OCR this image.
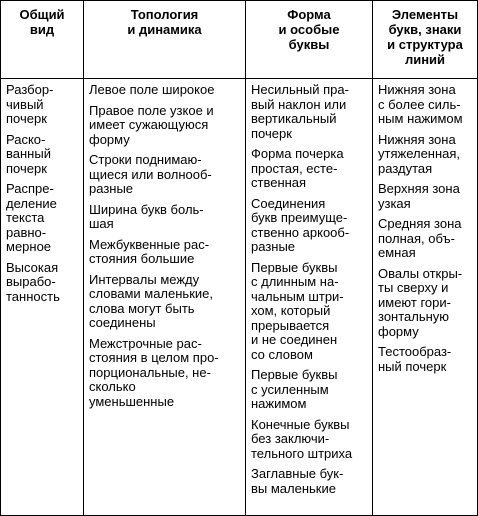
Общий
вид
Разбор-
чивый
почерк
Раско-
ванный
почерк
Распре-
деление
текста
равно-
мерное
Высокая
вырабо-
танность
Топология
и динамика
Левое поле широкое
Правое поле узкое и
имеет сужающуюся
форму
Строки поднимаю-
щиеся или волнооб-
разные
Ширина букв боль-
шая
Межбуквенные рас-
стояния большие
Интервалы между
словами маленькие,
слова могут быть
соединены
Межстрочные рас-
стояния в целом про-
порциональные, не-
сколько
уменьшенные
Форма
и особые
буквы
Несильный пра-
вый наклон или
вертикальный
почерк
Форма почерка
простая, есте-
ственная
Соединения
букв преимуще-
ственно аркооб-
разные
Первые буквы
с длинным на-
чальным штри-
хом, который
прерывается
и не соединен
со словом
Первые буквы
с усиленным
нажимом
Конечные буквы
без заключи-
тельного штриха
Заглавные бук-
вы маленькие
Элементы
букв, знаки
и структура
линий
Нижняя зона
с более силь-
ным нажимом
Нижняя зона
утяжеленная,
раздутая
Верхняя зона
узкая
Средняя зона
полная, объ-
емная
Овалы откры-
ты сверху и
имеют гори-
зонтальную
форму
Тестообраз-
ный почерк
